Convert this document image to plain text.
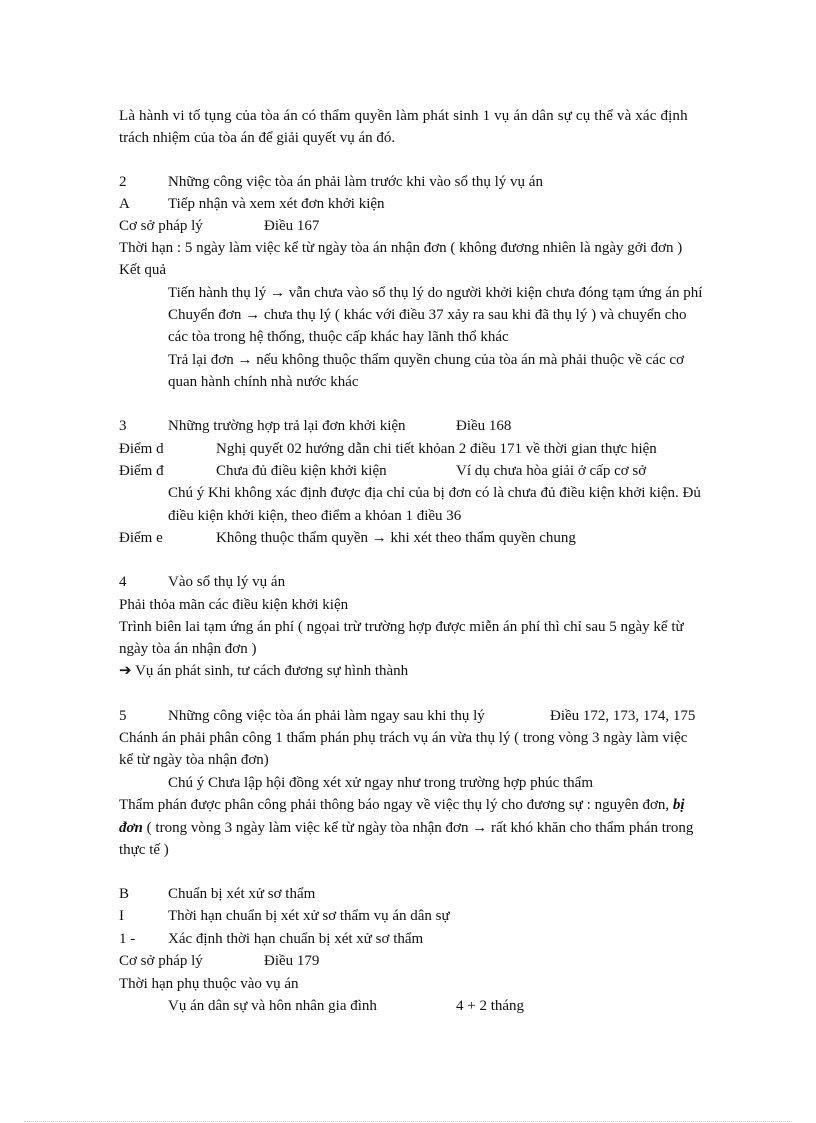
Là hành vi tố tụng của tòa án có thẩm quyền làm phát sinh 1 vụ án dân sự cụ thể và xác định
trách nhiệm của tòa án để giải quyết vụ án đó.
2	Những công việc tòa án phải làm trước khi vào sổ thụ lý vụ án
A	Tiếp nhận và xem xét đơn khởi kiện
Cơ sở pháp lý	Điều 167
Thời hạn : 5 ngày làm việc kể từ ngày tòa án nhận đơn ( không đương nhiên là ngày gởi đơn )
Kết quả
Tiến hành thụ lý → vẫn chưa vào sổ thụ lý do người khởi kiện chưa đóng tạm ứng án phí
Chuyển đơn → chưa thụ lý ( khác với điều 37 xảy ra sau khi đã thụ lý ) và chuyển cho
các tòa trong hệ thống, thuộc cấp khác hay lãnh thổ khác
Trả lại đơn → nếu không thuộc thẩm quyền chung của tòa án mà phải thuộc về các cơ
quan hành chính nhà nước khác
3	Những trường hợp trả lại đơn khởi kiện	Điều 168
Điểm d	Nghị quyết 02 hướng dẫn chi tiết khỏan 2 điều 171 về thời gian thực hiện
Điểm đ	Chưa đủ điều kiện khởi kiện	Ví dụ chưa hòa giải ở cấp cơ sở
Chú ý Khi không xác định được địa chỉ của bị đơn có là chưa đủ điều kiện khởi kiện. Đủ
điều kiện khởi kiện, theo điểm a khỏan 1 điều 36
Điểm e	Không thuộc thẩm quyền → khi xét theo thẩm quyền chung
4	Vào sổ thụ lý vụ án
Phải thỏa mãn các điều kiện khởi kiện
Trình biên lai tạm ứng án phí ( ngọai trừ trường hợp được miễn án phí thì chỉ sau 5 ngày kể từ
ngày tòa án nhận đơn )
➔ Vụ án phát sinh, tư cách đương sự hình thành
5	Những công việc tòa án phải làm ngay sau khi thụ lý	Điều 172, 173, 174, 175
Chánh án phải phân công 1 thẩm phán phụ trách vụ án vừa thụ lý ( trong vòng 3 ngày làm việc
kể từ ngày tòa nhận đơn)
Chú ý Chưa lập hội đồng xét xử ngay như trong trường hợp phúc thẩm
Thẩm phán được phân công phải thông báo ngay về việc thụ lý cho đương sự : nguyên đơn, bị
đơn ( trong vòng 3 ngày làm việc kể từ ngày tòa nhận đơn → rất khó khăn cho thẩm phán trong
thực tế )
B	Chuẩn bị xét xử sơ thẩm
I	Thời hạn chuẩn bị xét xử sơ thẩm vụ án dân sự
1 - Xác định thời hạn chuẩn bị xét xử sơ thẩm
Cơ sở pháp lý	Điều 179
Thời hạn phụ thuộc vào vụ án
Vụ án dân sự và hôn nhân gia đình	4 + 2 tháng
